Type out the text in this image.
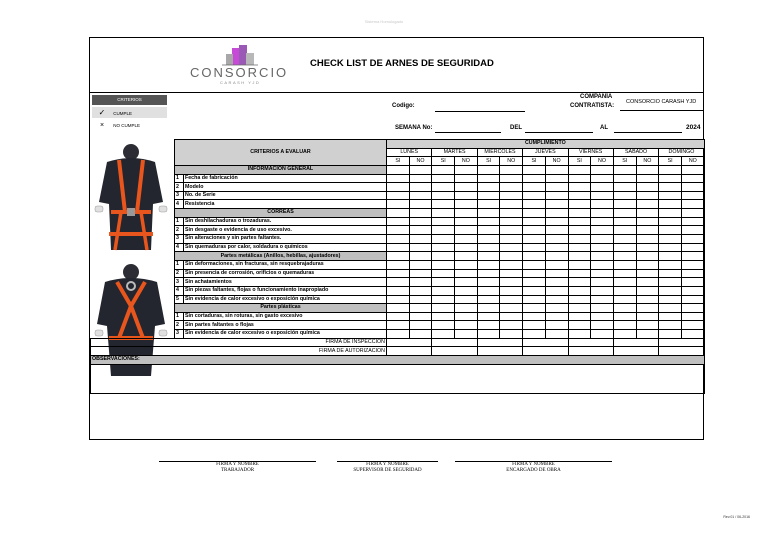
Sistema Homologado
CONSORCIO
CARASH YJD
CHECK LIST DE ARNES DE SEGURIDAD
CRITERIOS
✓ CUMPLE
× NO CUMPLE
Codigo:
COMPAÑÍA
CONTRATISTA:
CONSORCIO CARASH YJD
SEMANA No:	DEL	AL	2024
	CRITERIOS A EVALUAR		CUMPLIMIENTO													
			LUNES		MARTES		MIERCOLES		JUEVES		VIERNES		SABADO		DOMINGO	
			SI	NO	SI	NO	SI	NO	SI	NO	SI	NO	SI	NO	SI	NO
	INFORMACIÓN GENERAL															
	1	Fecha de fabricación														
	2	Modelo														
	3	No. de Serie														
	4	Resistencia														
	CORREAS															
	1	Sin deshilachaduras o trozaduras.														
	2	Sin desgaste o evidencia de uso excesivo.														
	3	Sin alteraciones y sin partes faltantes.														
	4	Sin quemaduras por calor, soldadura o químicos														
	Partes metálicas (Anillos, hebillas, ajustadores)															
	1	Sin deformaciones, sin fracturas, sin resquebrajaduras														
	2	Sin presencia de corrosión, orificios o quemaduras														
	3	Sin achatamientos														
	4	Sin piezas faltantes, flojas o funcionamiento inapropiado														
	5	Sin evidencia de calor excesivo o exposición química														
	Partes plásticas															
	1	Sin cortaduras, sin roturas, sin gasto excesivo														
	2	Sin partes faltantes o flojas														
	3	Sin evidencia de calor excesivo o exposición química														
FIRMA DE INSPECCION																
FIRMA DE AUTORIZACION																
OBSERVACIONES:																

FIRMA Y NOMBRE
TRABAJADOR
FIRMA Y NOMBRE
SUPERVISOR DE SEGURIDAD
FIRMA Y NOMBRE
ENCARGADO DE OBRA
Rev.01 / 06-2016
